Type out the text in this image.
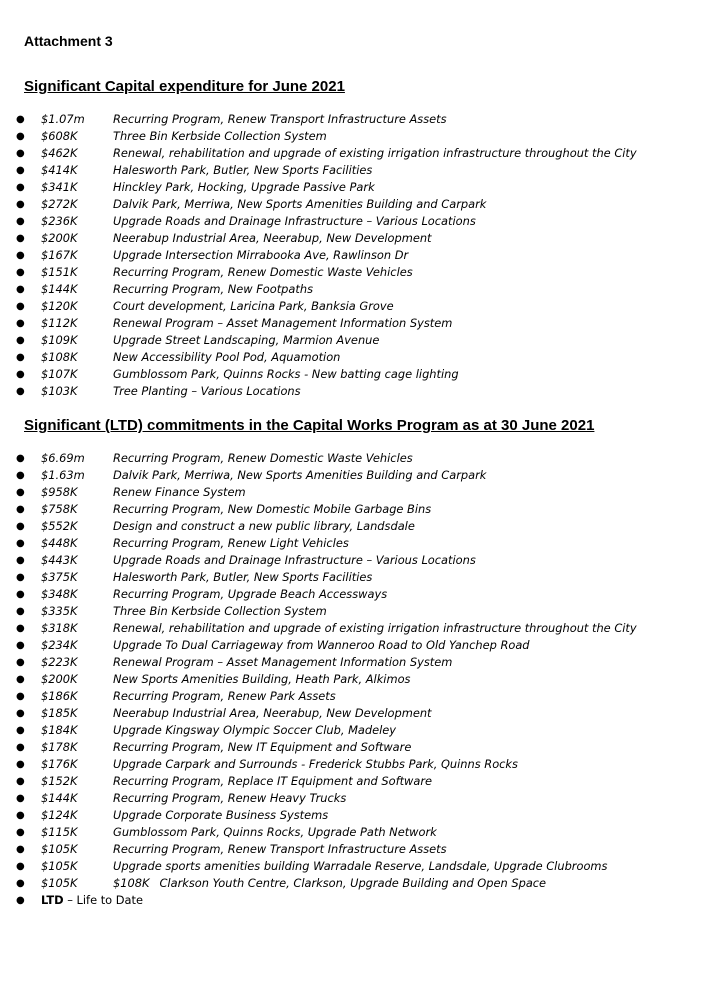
Attachment 3
Significant Capital expenditure for June 2021
● $1.07m Recurring Program, Renew Transport Infrastructure Assets
● $608K	Three Bin Kerbside Collection System
● $462K	Renewal, rehabilitation and upgrade of existing irrigation infrastructure throughout the City
● $414K	Halesworth Park, Butler, New Sports Facilities
● $341K	Hinckley Park, Hocking, Upgrade Passive Park
● $272K	Dalvik Park, Merriwa, New Sports Amenities Building and Carpark
● $236K	Upgrade Roads and Drainage Infrastructure – Various Locations
● $200K	Neerabup Industrial Area, Neerabup, New Development
● $167K	Upgrade Intersection Mirrabooka Ave, Rawlinson Dr
● $151K	Recurring Program, Renew Domestic Waste Vehicles
● $144K	Recurring Program, New Footpaths
● $120K	Court development, Laricina Park, Banksia Grove
● $112K	Renewal Program – Asset Management Information System
● $109K	Upgrade Street Landscaping, Marmion Avenue
● $108K	New Accessibility Pool Pod, Aquamotion
● $107K	Gumblossom Park, Quinns Rocks - New batting cage lighting
● $103K	Tree Planting – Various Locations
Significant (LTD) commitments in the Capital Works Program as at 30 June 2021
● $6.69m Recurring Program, Renew Domestic Waste Vehicles
● $1.63m Dalvik Park, Merriwa, New Sports Amenities Building and Carpark
● $958K	Renew Finance System
● $758K	Recurring Program, New Domestic Mobile Garbage Bins
● $552K	Design and construct a new public library, Landsdale
● $448K	Recurring Program, Renew Light Vehicles
● $443K	Upgrade Roads and Drainage Infrastructure – Various Locations
● $375K	Halesworth Park, Butler, New Sports Facilities
● $348K	Recurring Program, Upgrade Beach Accessways
● $335K	Three Bin Kerbside Collection System
● $318K	Renewal, rehabilitation and upgrade of existing irrigation infrastructure throughout the City
● $234K	Upgrade To Dual Carriageway from Wanneroo Road to Old Yanchep Road
● $223K	Renewal Program – Asset Management Information System
● $200K	New Sports Amenities Building, Heath Park, Alkimos
● $186K	Recurring Program, Renew Park Assets
● $185K	Neerabup Industrial Area, Neerabup, New Development
● $184K	Upgrade Kingsway Olympic Soccer Club, Madeley
● $178K	Recurring Program, New IT Equipment and Software
● $176K	Upgrade Carpark and Surrounds - Frederick Stubbs Park, Quinns Rocks
● $152K	Recurring Program, Replace IT Equipment and Software
● $144K	Recurring Program, Renew Heavy Trucks
● $124K	Upgrade Corporate Business Systems
● $115K	Gumblossom Park, Quinns Rocks, Upgrade Path Network
● $105K	Recurring Program, Renew Transport Infrastructure Assets
● $105K	Upgrade sports amenities building Warradale Reserve, Landsdale, Upgrade Clubrooms
● $105K	$108K Clarkson Youth Centre, Clarkson, Upgrade Building and Open Space
● LTD – Life to Date
